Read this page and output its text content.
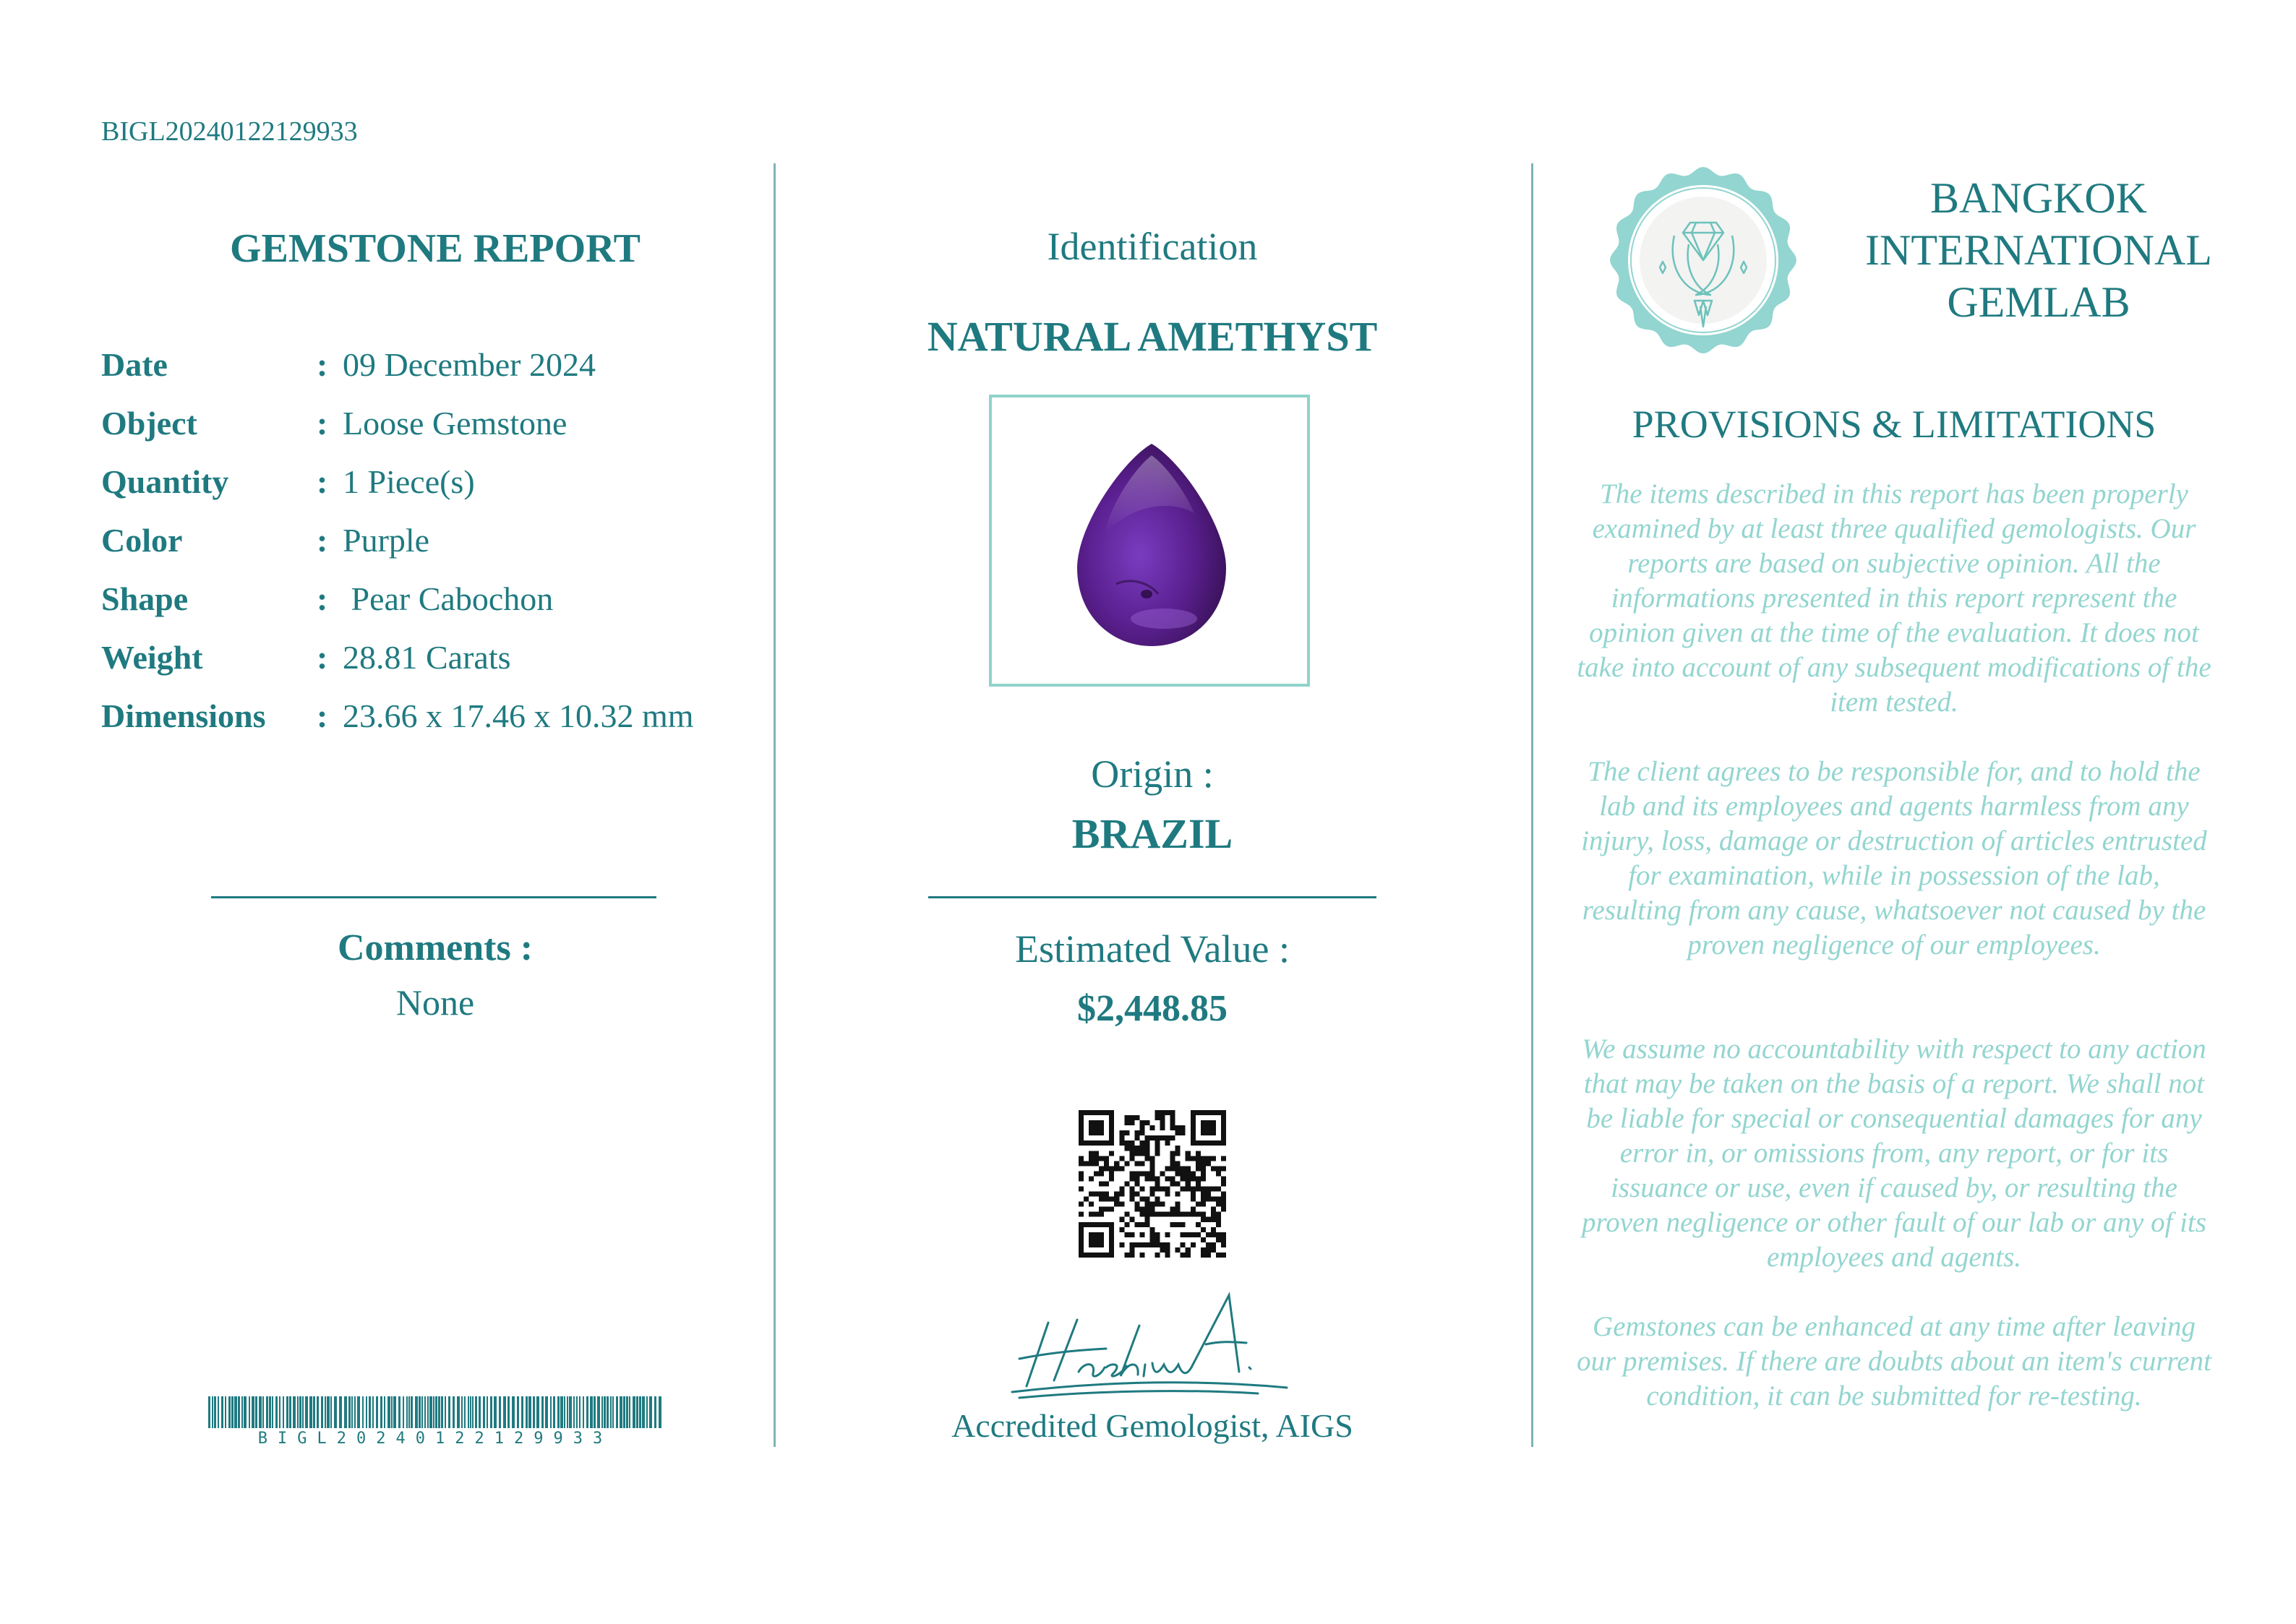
BIGL20240122129933
GEMSTONE REPORT
Date	: 09 December 2024
Object	: Loose Gemstone
Quantity	: 1 Piece(s)
Color	: Purple
Shape	: Pear Cabochon
Weight	: 28.81 Carats
Dimensions : 23.66 x 17.46 x 10.32 mm
Comments :
None
BIGL20240122129933
Identification
NATURAL AMETHYST
Origin :
BRAZIL
Estimated Value :
$2,448.85
Accredited Gemologist, AIGS
BANGKOK
INTERNATIONAL
GEMLAB
PROVISIONS & LIMITATIONS
The items described in this report has been properly examined by at least three qualified gemologists. Our reports are based on subjective opinion. All the informations presented in this report represent the opinion given at the time of the evaluation. It does not take into account of any subsequent modifications of the item tested.
The client agrees to be responsible for, and to hold the lab and its employees and agents harmless from any injury, loss, damage or destruction of articles entrusted for examination, while in possession of the lab, resulting from any cause, whatsoever not caused by the proven negligence of our employees.
We assume no accountability with respect to any action that may be taken on the basis of a report. We shall not be liable for special or consequential damages for any error in, or omissions from, any report, or for its issuance or use, even if caused by, or resulting the proven negligence or other fault of our lab or any of its employees and agents.
Gemstones can be enhanced at any time after leaving our premises. If there are doubts about an item's current condition, it can be submitted for re-testing.
